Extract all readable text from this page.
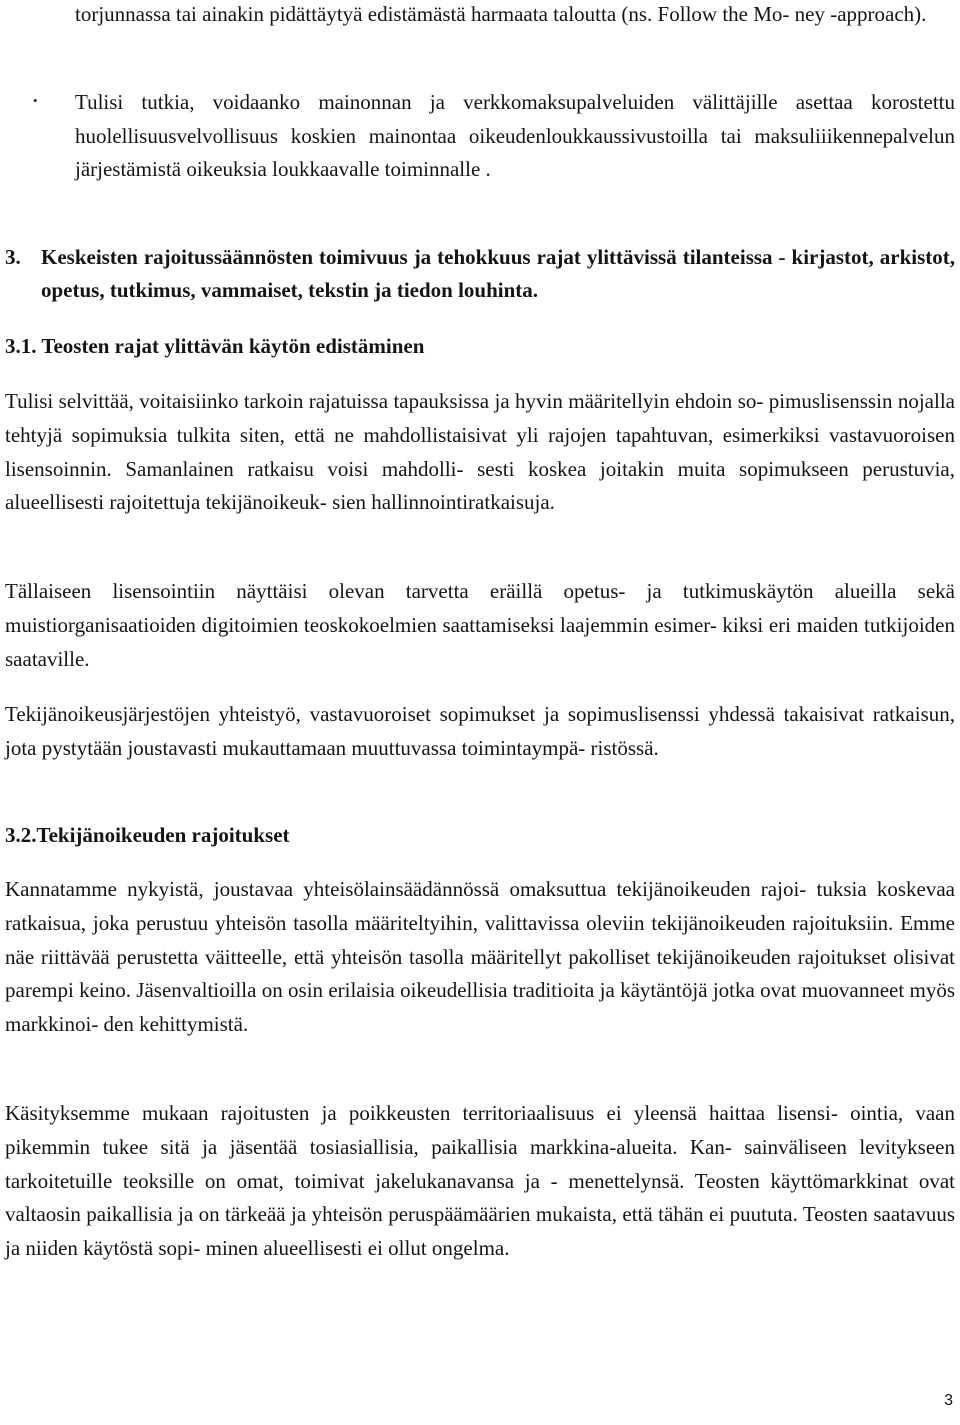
torjunnassa tai ainakin pidättäytyä edistämästä harmaata taloutta (ns. Follow the Mo- ney -approach).
• Tulisi tutkia, voidaanko mainonnan ja verkkomaksupalveluiden välittäjille asettaa korostettu huolellisuusvelvollisuus koskien mainontaa oikeudenloukkaussivustoilla tai maksuliiikennepalvelun järjestämistä oikeuksia loukkaavalle toiminnalle .
3. Keskeisten rajoitussäännösten toimivuus ja tehokkuus rajat ylittävissä tilanteissa - kirjastot, arkistot, opetus, tutkimus, vammaiset, tekstin ja tiedon louhinta.
3.1. Teosten rajat ylittävän käytön edistäminen
Tulisi selvittää, voitaisiinko tarkoin rajatuissa tapauksissa ja hyvin määritellyin ehdoin so- pimuslisenssin nojalla tehtyjä sopimuksia tulkita siten, että ne mahdollistaisivat yli rajojen tapahtuvan, esimerkiksi vastavuoroisen lisensoinnin. Samanlainen ratkaisu voisi mahdolli- sesti koskea joitakin muita sopimukseen perustuvia, alueellisesti rajoitettuja tekijänoikeuk- sien hallinnointiratkaisuja.
Tällaiseen lisensointiin näyttäisi olevan tarvetta eräillä opetus- ja tutkimuskäytön alueilla sekä muistiorganisaatioiden digitoimien teoskokoelmien saattamiseksi laajemmin esimer- kiksi eri maiden tutkijoiden saataville.
Tekijänoikeusjärjestöjen yhteistyö, vastavuoroiset sopimukset ja sopimuslisenssi yhdessä takaisivat ratkaisun, jota pystytään joustavasti mukauttamaan muuttuvassa toimintaympä- ristössä.
3.2.Tekijänoikeuden rajoitukset
Kannatamme nykyistä, joustavaa yhteisölainsäädännössä omaksuttua tekijänoikeuden rajoi- tuksia koskevaa ratkaisua, joka perustuu yhteisön tasolla määriteltyihin, valittavissa oleviin tekijänoikeuden rajoituksiin. Emme näe riittävää perustetta väitteelle, että yhteisön tasolla määritellyt pakolliset tekijänoikeuden rajoitukset olisivat parempi keino. Jäsenvaltioilla on osin erilaisia oikeudellisia traditioita ja käytäntöjä jotka ovat muovanneet myös markkinoi- den kehittymistä.
Käsityksemme mukaan rajoitusten ja poikkeusten territoriaalisuus ei yleensä haittaa lisensi- ointia, vaan pikemmin tukee sitä ja jäsentää tosiasiallisia, paikallisia markkina-alueita. Kan- sainväliseen levitykseen tarkoitetuille teoksille on omat, toimivat jakelukanavansa ja - menettelynsä. Teosten käyttömarkkinat ovat valtaosin paikallisia ja on tärkeää ja yhteisön peruspäämäärien mukaista, että tähän ei puututa. Teosten saatavuus ja niiden käytöstä sopi- minen alueellisesti ei ollut ongelma.
3
